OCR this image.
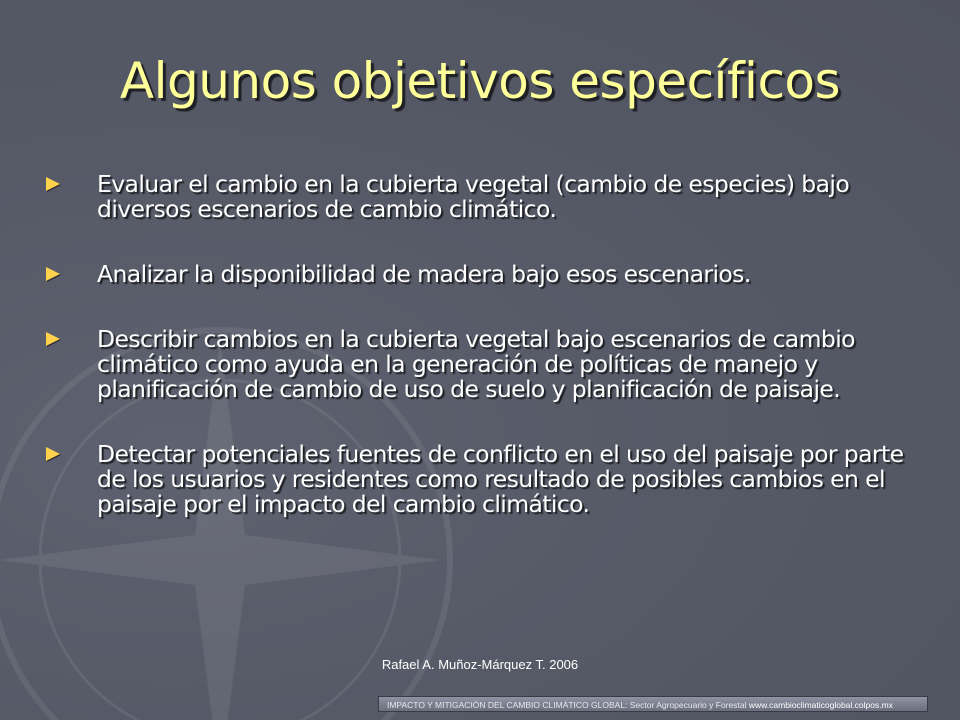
Algunos objetivos específicos
Evaluar el cambio en la cubierta vegetal (cambio de especies) bajo diversos escenarios de cambio climático.
Analizar la disponibilidad de madera bajo esos escenarios.
Describir cambios en la cubierta vegetal bajo escenarios de cambio climático como ayuda en la generación de políticas de manejo y planificación de cambio de uso de suelo y planificación de paisaje.
Detectar potenciales fuentes de conflicto en el uso del paisaje por parte de los usuarios y residentes como resultado de posibles cambios en el paisaje por el impacto del cambio climático.
Rafael A. Muñoz-Márquez T. 2006
IMPACTO Y MITIGACIÓN DEL CAMBIO CLIMÁTICO GLOBAL: Sector Agropecuario y Forestal www.cambioclimaticoglobal.colpos.mx
